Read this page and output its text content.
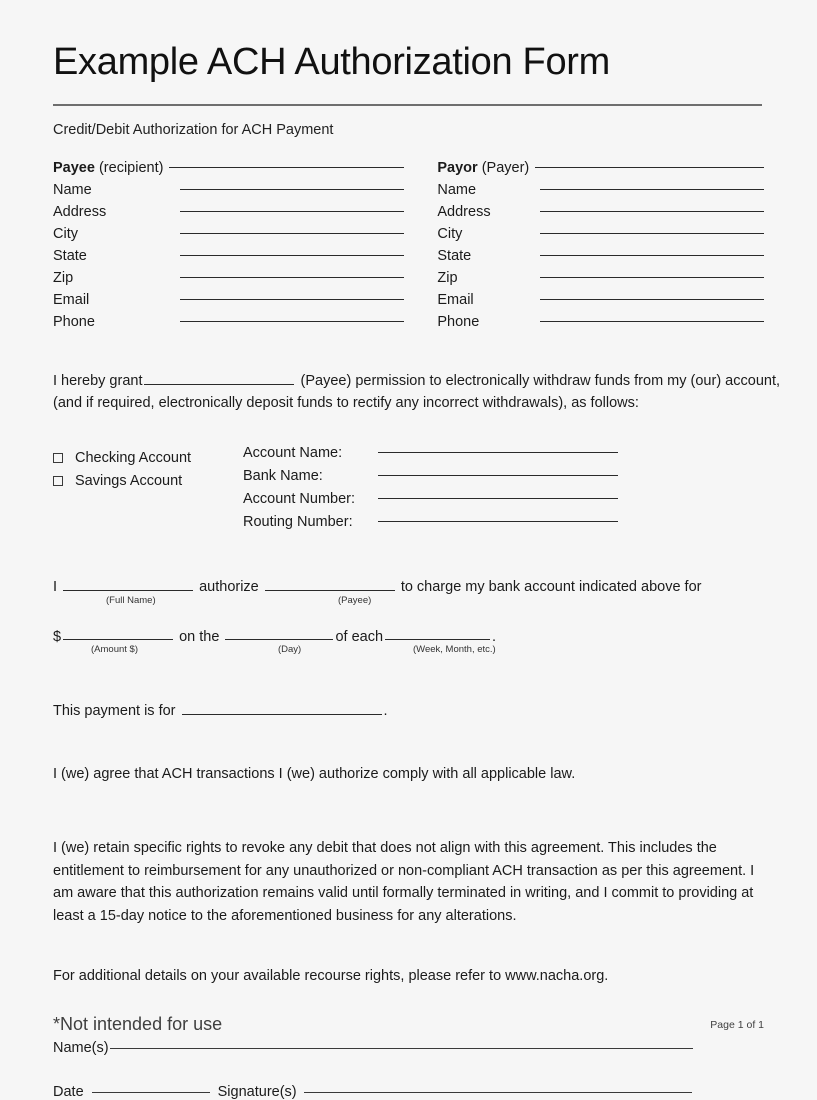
Example ACH Authorization Form
Credit/Debit Authorization for ACH Payment
Payee (recipient)
Name
Address
City
State
Zip
Email
Phone
Payor (Payer)
Name
Address
City
State
Zip
Email
Phone
I hereby grant	(Payee) permission to electronically withdraw funds from my (our) account, (and if required, electronically deposit funds to rectify any incorrect withdrawals), as follows:
Checking Account
Savings Account
Account Name:
Bank Name:
Account Number:
Routing Number:
I	authorize	to charge my bank account indicated above for
(Full Name)	(Payee)
$	on the	of each	.
(Amount $)	(Day)	(Week, Month, etc.)
This payment is for	.
I (we) agree that ACH transactions I (we) authorize comply with all applicable law.
I (we) retain specific rights to revoke any debit that does not align with this agreement. This includes the entitlement to reimbursement for any unauthorized or non-compliant ACH transaction as per this agreement. I am aware that this authorization remains valid until formally terminated in writing, and I commit to providing at least a 15-day notice to the aforementioned business for any alterations.
For additional details on your available recourse rights, please refer to www.nacha.org.
Name(s)
Date	Signature(s)
*Not intended for use	Page 1 of 1
